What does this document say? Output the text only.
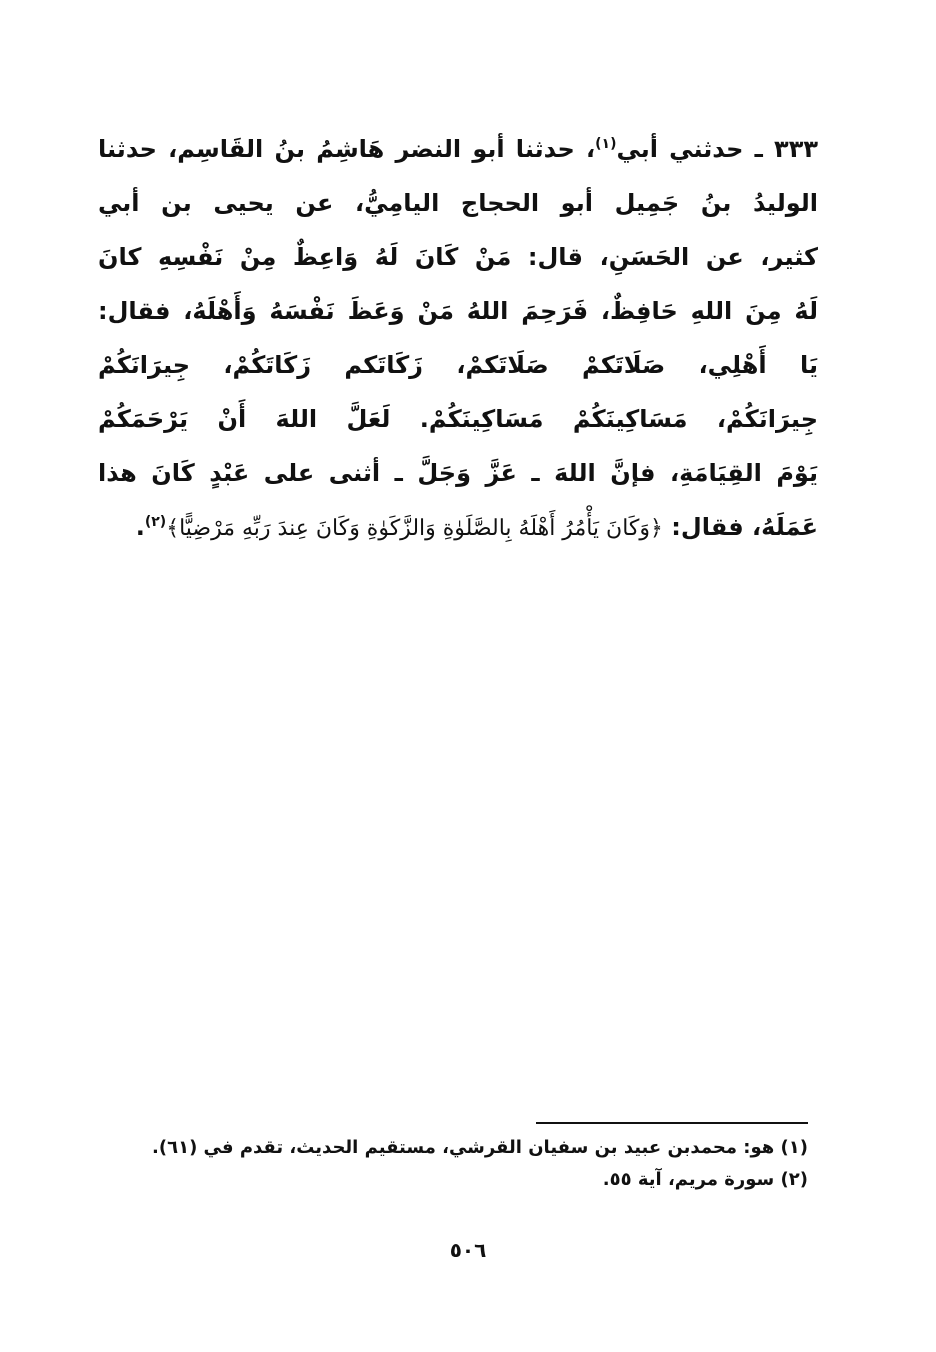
٣٣٣ ـ حدثني أبي$^{(١)}$، حدثنا أبو النضر هَاشِمُ بنُ القَاسِم، حدثنا
الوليدُ بنُ جَمِيل أبو الحجاج اليامِيُّ، عن يحيى بن أبي
كثير، عن الحَسَنِ، قال: مَنْ كَانَ لَهُ وَاعِظٌ مِنْ نَفْسِهِ كانَ
لَهُ مِنَ اللهِ حَافِظٌ، فَرَحِمَ اللهُ مَنْ وَعَظَ نَفْسَهُ وَأَهْلَهُ، فقال:
يَا أَهْلِي، صَلَاتَكمْ صَلَاتَكمْ، زَكَاتَكم زَكَاتَكُمْ، جِيرَانَكُمْ
جِيرَانَكُمْ، مَسَاكِينَكُمْ مَسَاكِينَكُمْ. لَعَلَّ اللهَ أَنْ يَرْحَمَكُمْ
يَوْمَ القِيَامَةِ، فإنَّ اللهَ ـ عَزَّ وَجَلَّ ـ أثنى على عَبْدٍ كَانَ هذا
عَمَلَهُ، فقال: ﴿وَكَانَ يَأْمُرُ أَهْلَهُ بِالصَّلَوٰةِ وَالزَّكَوٰةِ وَكَانَ عِندَ رَبِّهِ مَرْضِيًّا﴾$^{(٢)}$.
(١) هو: محمدبن عبيد بن سفيان القرشي، مستقيم الحديث، تقدم في (٦١).
(٢) سورة مريم، آية ٥٥.
٥٠٦
